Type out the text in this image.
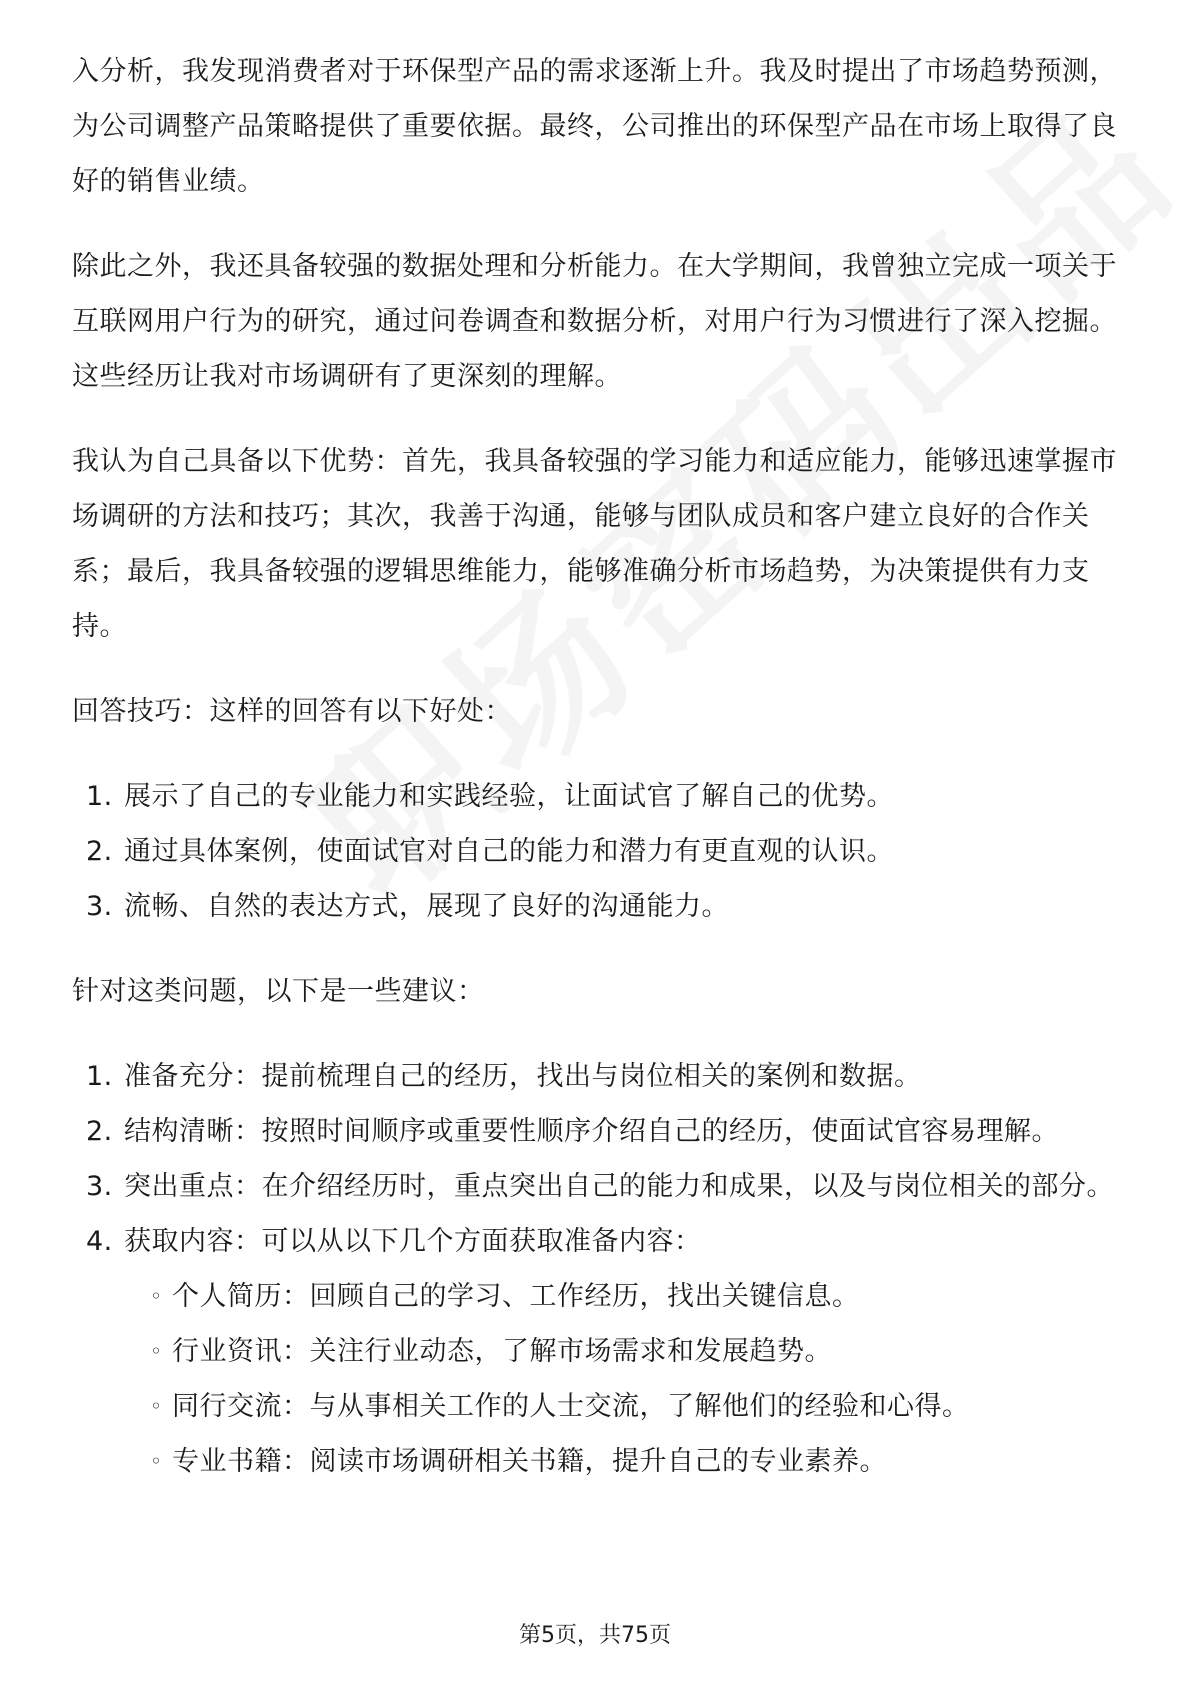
入分析，我发现消费者对于环保型产品的需求逐渐上升。我及时提出了市场趋势预测，为公司调整产品策略提供了重要依据。最终，公司推出的环保型产品在市场上取得了良好的销售业绩。

除此之外，我还具备较强的数据处理和分析能力。在大学期间，我曾独立完成一项关于互联网用户行为的研究，通过问卷调查和数据分析，对用户行为习惯进行了深入挖掘。这些经历让我对市场调研有了更深刻的理解。

我认为自己具备以下优势：首先，我具备较强的学习能力和适应能力，能够迅速掌握市场调研的方法和技巧；其次，我善于沟通，能够与团队成员和客户建立良好的合作关系；最后，我具备较强的逻辑思维能力，能够准确分析市场趋势，为决策提供有力支持。

回答技巧：这样的回答有以下好处：

1. 展示了自己的专业能力和实践经验，让面试官了解自己的优势。
2. 通过具体案例，使面试官对自己的能力和潜力有更直观的认识。
3. 流畅、自然的表达方式，展现了良好的沟通能力。

针对这类问题，以下是一些建议：

1. 准备充分：提前梳理自己的经历，找出与岗位相关的案例和数据。
2. 结构清晰：按照时间顺序或重要性顺序介绍自己的经历，使面试官容易理解。
3. 突出重点：在介绍经历时，重点突出自己的能力和成果，以及与岗位相关的部分。
4. 获取内容：可以从以下几个方面获取准备内容：
◦ 个人简历：回顾自己的学习、工作经历，找出关键信息。
◦ 行业资讯：关注行业动态，了解市场需求和发展趋势。
◦ 同行交流：与从事相关工作的人士交流，了解他们的经验和心得。
◦ 专业书籍：阅读市场调研相关书籍，提升自己的专业素养。
第5页，共75页
